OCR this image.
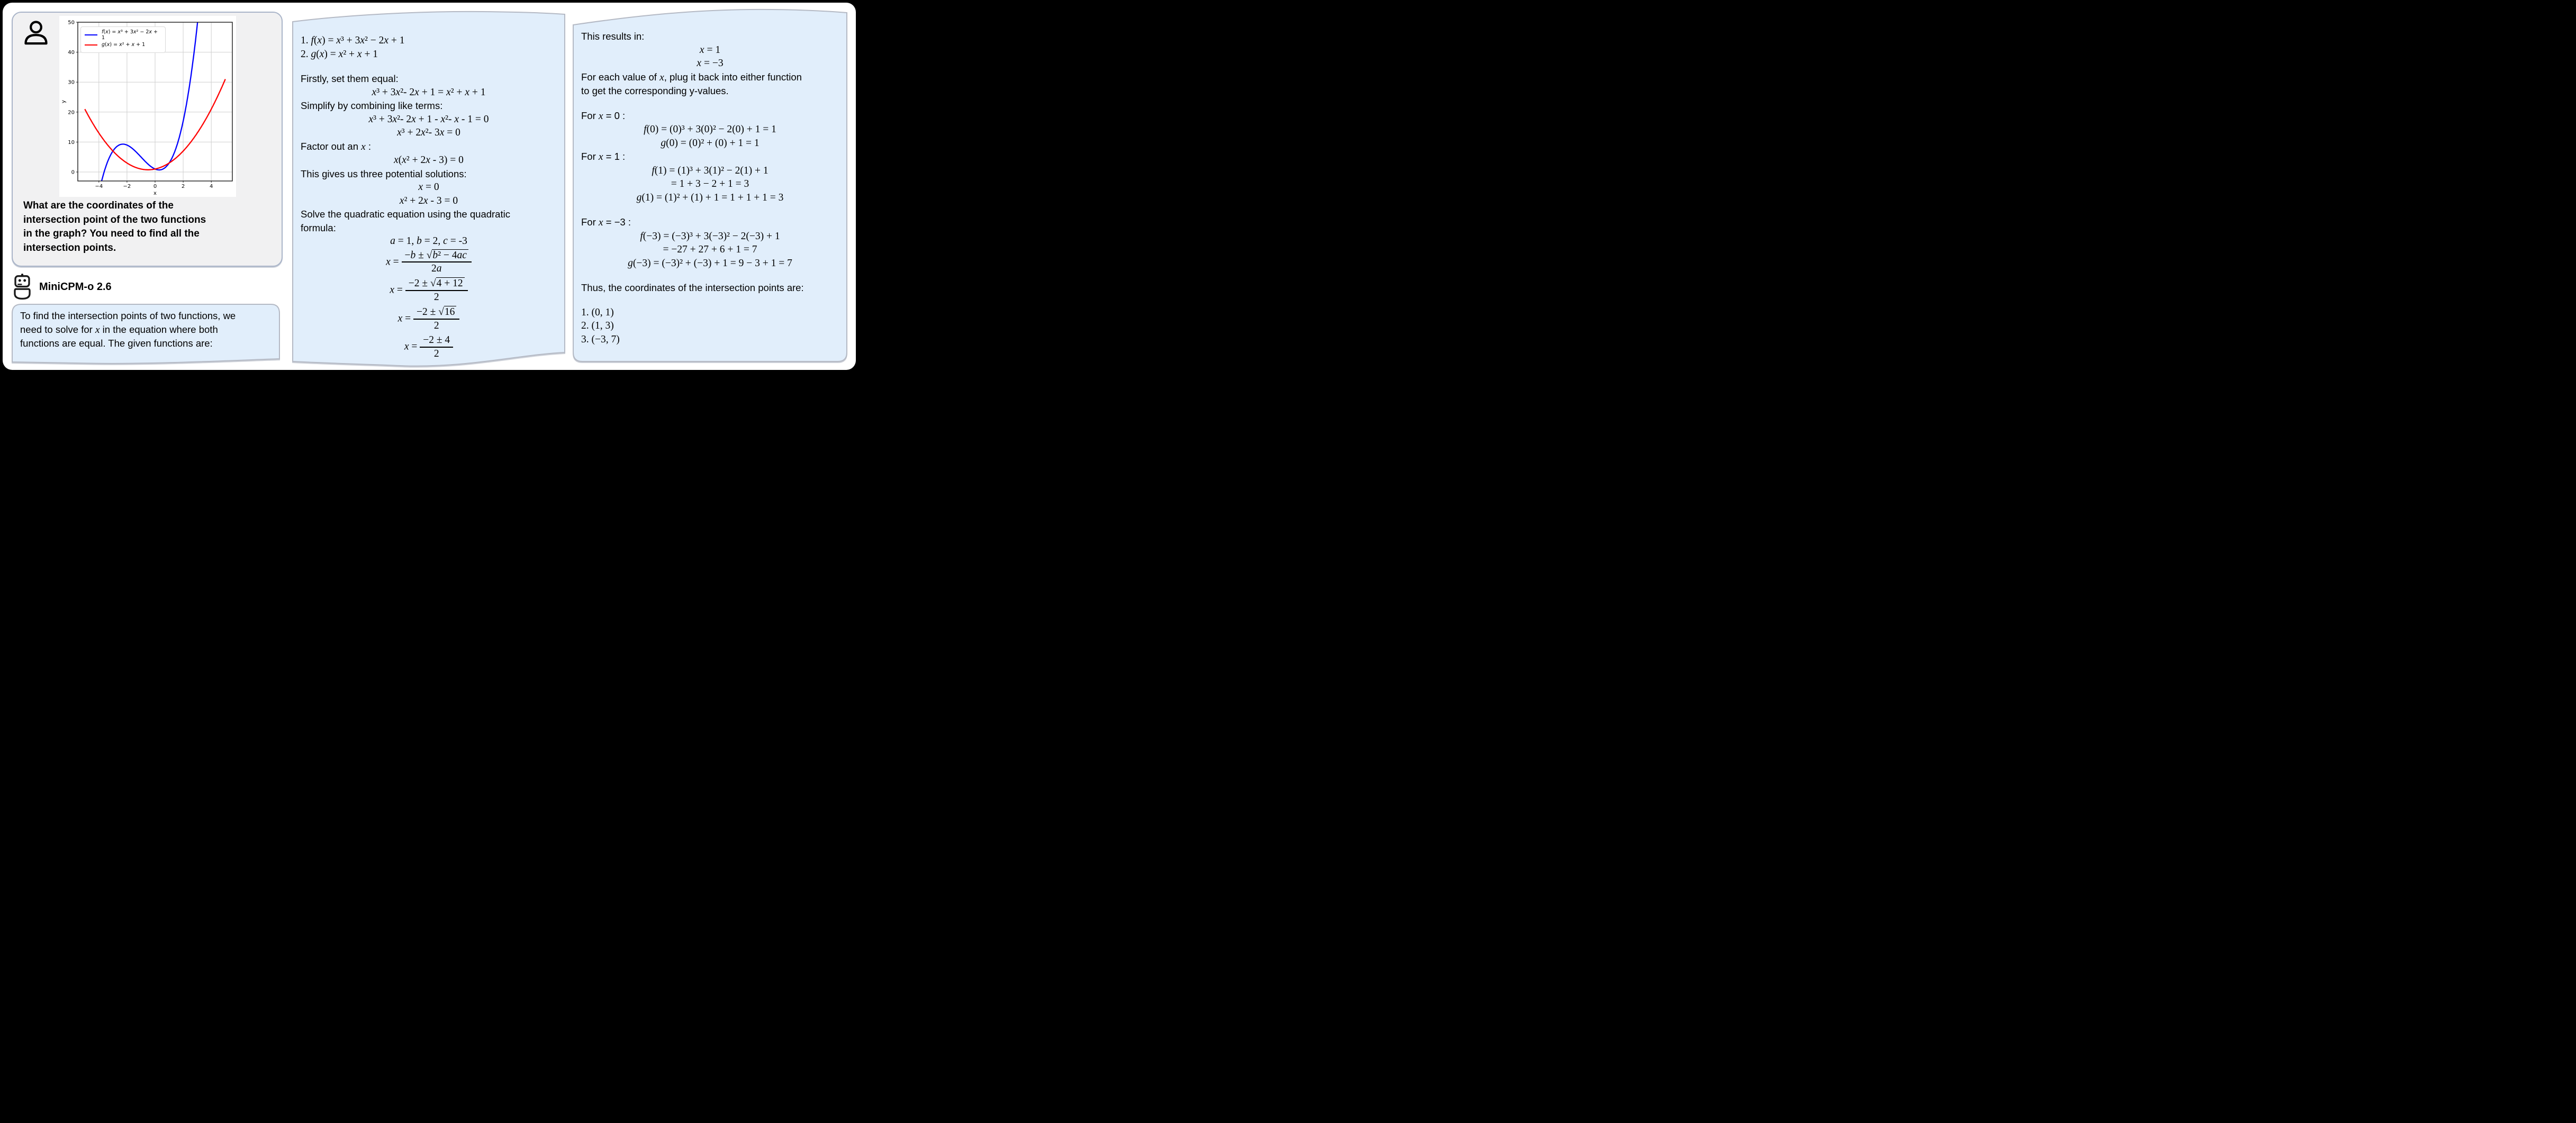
−4	−2	0	2	4
0
10
20
30
40
50
x
y
f(x) = x³ + 3x² − 2x + 1
g(x) = x² + x + 1
What are the coordinates of the
intersection point of the two functions
in the graph? You need to find all the
intersection points.
MiniCPM-o 2.6
To find the intersection points of two functions, we
need to solve for x in the equation where both
functions are equal. The given functions are:
1. f(x) = x³ + 3x² − 2x + 1
2. g(x) = x² + x + 1
Firstly, set them equal:
x³ + 3x²- 2x + 1 = x² + x + 1
Simplify by combining like terms:
x³ + 3x²- 2x + 1 - x²- x - 1 = 0
x³ + 2x²- 3x = 0
Factor out an x :
x(x² + 2x - 3) = 0
This gives us three potential solutions:
x = 0
x² + 2x - 3 = 0
Solve the quadratic equation using the quadratic
formula:
a = 1, b = 2, c = -3
$x = \frac{\text{−b ± √b² − 4ac}}{2a}$
$x = \frac{-2 \pm √4 + 12}{2}$
$x = \frac{-2 \pm √16}{2}$
$x = \frac{-2 \pm 4}{2}$
This results in:
x = 1
x = −3
For each value of x, plug it back into either function
to get the corresponding y-values.
For x = 0 :
f(0) = (0)³ + 3(0)² − 2(0) + 1 = 1
g(0) = (0)² + (0) + 1 = 1
For x = 1 :
f(1) = (1)³ + 3(1)² − 2(1) + 1
= 1 + 3 − 2 + 1 = 3
g(1) = (1)² + (1) + 1 = 1 + 1 + 1 = 3
For x = −3 :
f(−3) = (−3)³ + 3(−3)² − 2(−3) + 1
= −27 + 27 + 6 + 1 = 7
g(−3) = (−3)² + (−3) + 1 = 9 − 3 + 1 = 7
Thus, the coordinates of the intersection points are:
1. (0, 1)
2. (1, 3)
3. (−3, 7)
